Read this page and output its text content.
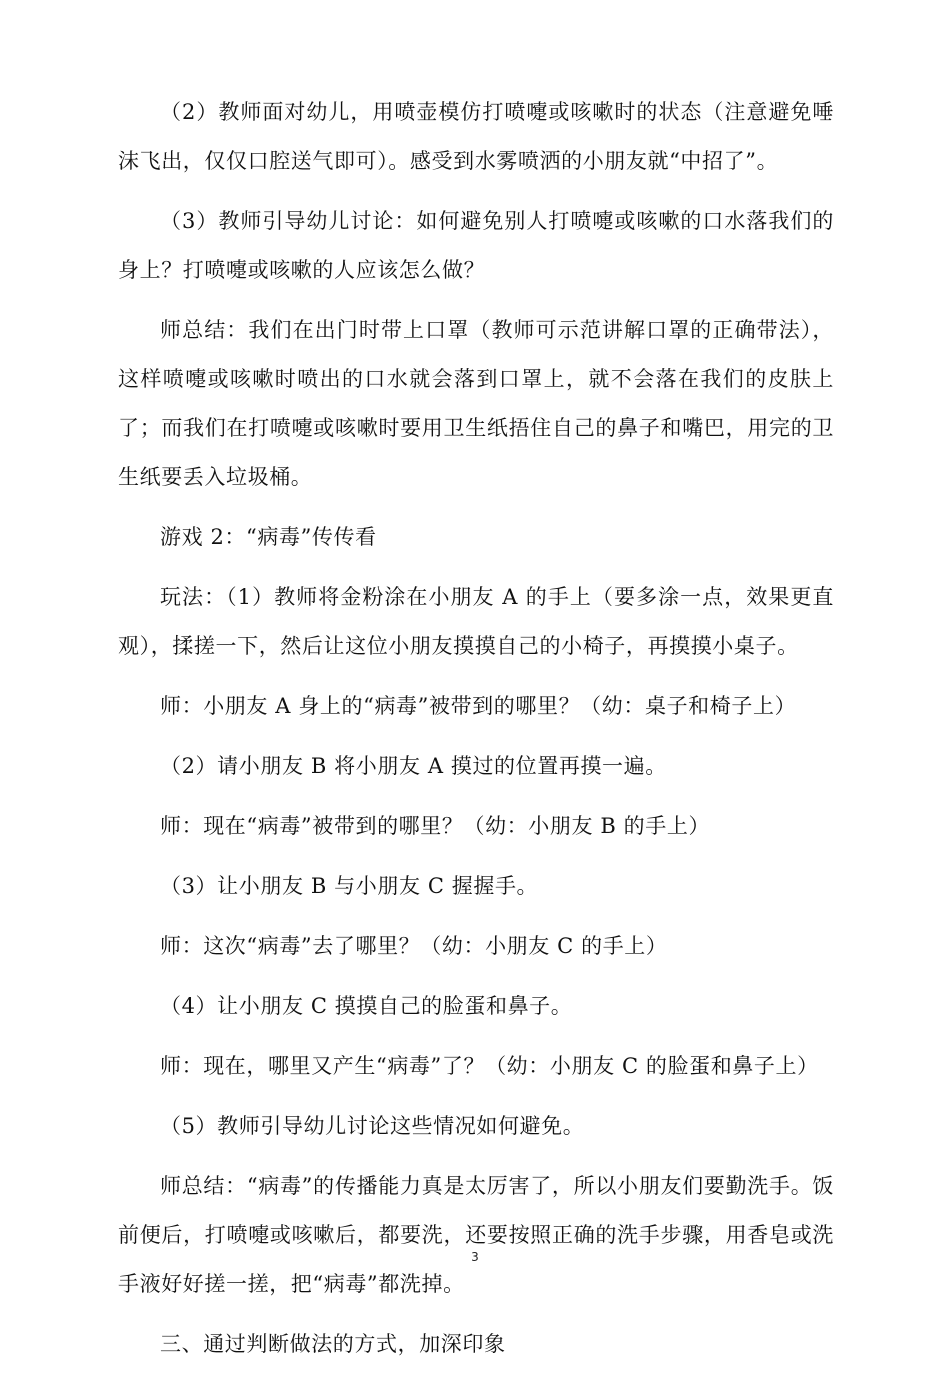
（2）教师面对幼儿，用喷壶模仿打喷嚏或咳嗽时的状态（注意避免唾沫飞出，仅仅口腔送气即可）。感受到水雾喷洒的小朋友就“中招了”。

（3）教师引导幼儿讨论：如何避免别人打喷嚏或咳嗽的口水落我们的身上？打喷嚏或咳嗽的人应该怎么做？

师总结：我们在出门时带上口罩（教师可示范讲解口罩的正确带法），这样喷嚏或咳嗽时喷出的口水就会落到口罩上，就不会落在我们的皮肤上了；而我们在打喷嚏或咳嗽时要用卫生纸捂住自己的鼻子和嘴巴，用完的卫生纸要丢入垃圾桶。

游戏 2：“病毒”传传看

玩法：（1）教师将金粉涂在小朋友 A 的手上（要多涂一点，效果更直观），揉搓一下，然后让这位小朋友摸摸自己的小椅子，再摸摸小桌子。

师：小朋友 A 身上的“病毒”被带到的哪里？（幼：桌子和椅子上）

（2）请小朋友 B 将小朋友 A 摸过的位置再摸一遍。

师：现在“病毒”被带到的哪里？（幼：小朋友 B 的手上）

（3）让小朋友 B 与小朋友 C 握握手。

师：这次“病毒”去了哪里？（幼：小朋友 C 的手上）

（4）让小朋友 C 摸摸自己的脸蛋和鼻子。

师：现在，哪里又产生“病毒”了？（幼：小朋友 C 的脸蛋和鼻子上）

（5）教师引导幼儿讨论这些情况如何避免。

师总结：“病毒”的传播能力真是太厉害了，所以小朋友们要勤洗手。饭前便后，打喷嚏或咳嗽后，都要洗，还要按照正确的洗手步骤，用香皂或洗手液好好搓一搓，把“病毒”都洗掉。

三、通过判断做法的方式，加深印象

3
